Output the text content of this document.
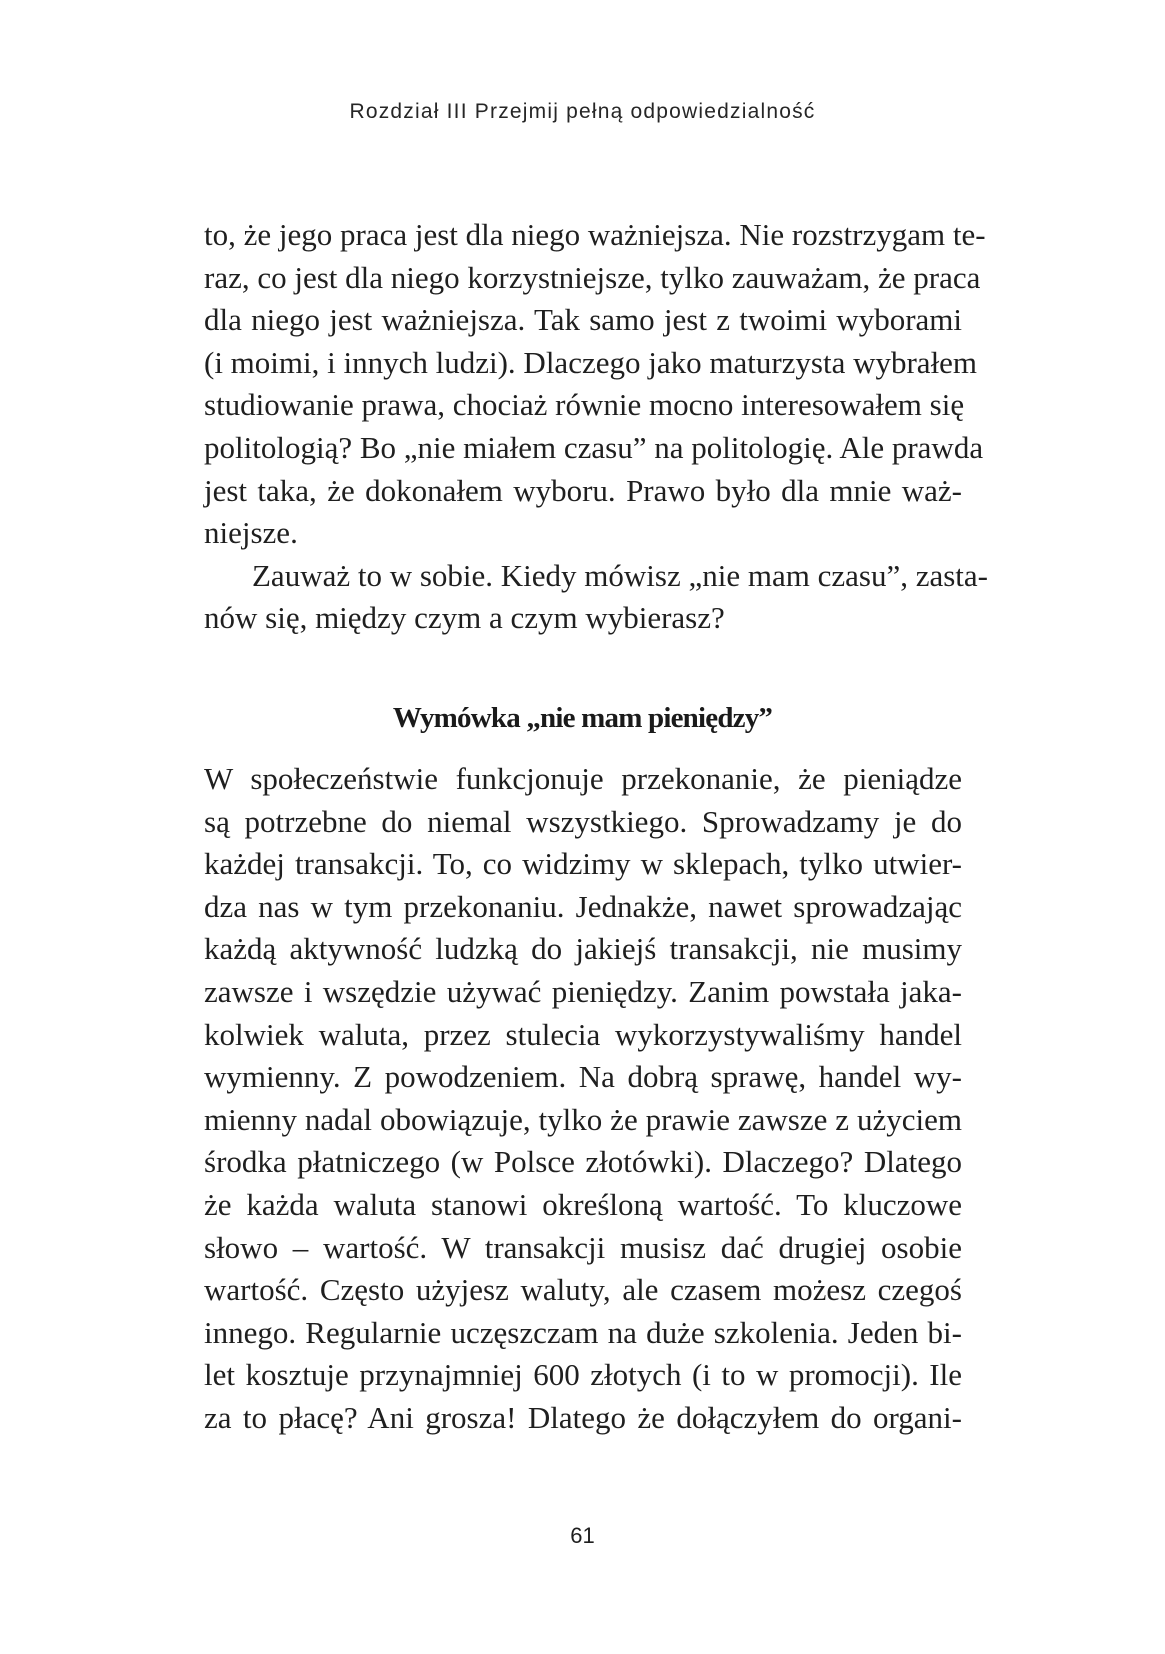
Rozdział III Przejmij pełną odpowiedzialność
to, że jego praca jest dla niego ważniejsza. Nie rozstrzygam te-
raz, co jest dla niego korzystniejsze, tylko zauważam, że praca
dla niego jest ważniejsza. Tak samo jest z twoimi wyborami
(i moimi, i innych ludzi). Dlaczego jako maturzysta wybrałem
studiowanie prawa, chociaż równie mocno interesowałem się
politologią? Bo „nie miałem czasu” na politologię. Ale prawda
jest taka, że dokonałem wyboru. Prawo było dla mnie waż-
niejsze.
Zauważ to w sobie. Kiedy mówisz „nie mam czasu”, zasta-
nów się, między czym a czym wybierasz?
Wymówka „nie mam pieniędzy”
W społeczeństwie funkcjonuje przekonanie, że pieniądze
są potrzebne do niemal wszystkiego. Sprowadzamy je do
każdej transakcji. To, co widzimy w sklepach, tylko utwier-
dza nas w tym przekonaniu. Jednakże, nawet sprowadzając
każdą aktywność ludzką do jakiejś transakcji, nie musimy
zawsze i wszędzie używać pieniędzy. Zanim powstała jaka-
kolwiek waluta, przez stulecia wykorzystywaliśmy handel
wymienny. Z powodzeniem. Na dobrą sprawę, handel wy-
mienny nadal obowiązuje, tylko że prawie zawsze z użyciem
środka płatniczego (w Polsce złotówki). Dlaczego? Dlatego
że każda waluta stanowi określoną wartość. To kluczowe
słowo – wartość. W transakcji musisz dać drugiej osobie
wartość. Często użyjesz waluty, ale czasem możesz czegoś
innego. Regularnie uczęszczam na duże szkolenia. Jeden bi-
let kosztuje przynajmniej 600 złotych (i to w promocji). Ile
za to płacę? Ani grosza! Dlatego że dołączyłem do organi-
61
